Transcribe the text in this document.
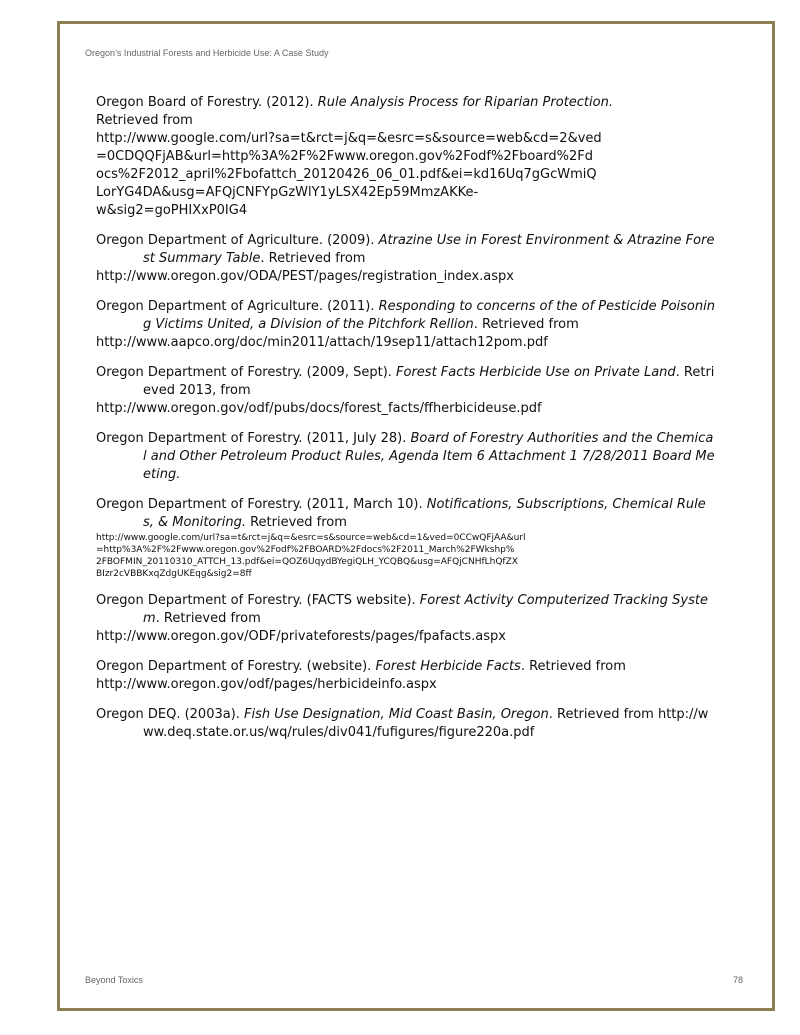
Oregon’s Industrial Forests and Herbicide Use: A Case Study

Oregon Board of Forestry. (2012). Rule Analysis Process for Riparian Protection.
Retrieved from
http://www.google.com/url?sa=t&rct=j&q=&esrc=s&source=web&cd=2&ved
=0CDQQFjAB&url=http%3A%2F%2Fwww.oregon.gov%2Fodf%2Fboard%2Fd
ocs%2F2012_april%2Fbofattch_20120426_06_01.pdf&ei=kd16Uq7gGcWmiQ
LorYG4DA&usg=AFQjCNFYpGzWlY1yLSX42Ep59MmzAKKe-
w&sig2=goPHIXxP0IG4

Oregon Department of Agriculture. (2009). Atrazine Use in Forest Environment & Atrazine Forest Summary Table. Retrieved from
http://www.oregon.gov/ODA/PEST/pages/registration_index.aspx

Oregon Department of Agriculture. (2011). Responding to concerns of the of Pesticide Poisoning Victims United, a Division of the Pitchfork Rellion. Retrieved from
http://www.aapco.org/doc/min2011/attach/19sep11/attach12pom.pdf

Oregon Department of Forestry. (2009, Sept). Forest Facts Herbicide Use on Private Land. Retrieved 2013, from
http://www.oregon.gov/odf/pubs/docs/forest_facts/ffherbicideuse.pdf

Oregon Department of Forestry. (2011, July 28). Board of Forestry Authorities and the Chemical and Other Petroleum Product Rules, Agenda Item 6 Attachment 1 7/28/2011 Board Meeting.

Oregon Department of Forestry. (2011, March 10). Notifications, Subscriptions, Chemical Rules, & Monitoring. Retrieved from
http://www.google.com/url?sa=t&rct=j&q=&esrc=s&source=web&cd=1&ved=0CCwQFjAA&url
=http%3A%2F%2Fwww.oregon.gov%2Fodf%2FBOARD%2Fdocs%2F2011_March%2FWkshp%
2FBOFMIN_20110310_ATTCH_13.pdf&ei=QOZ6UqydBYegiQLH_YCQBQ&usg=AFQjCNHfLhQfZX
BIzr2cVBBKxqZdgUKEqg&sig2=8ff

Oregon Department of Forestry. (FACTS website). Forest Activity Computerized Tracking System. Retrieved from
http://www.oregon.gov/ODF/privateforests/pages/fpafacts.aspx

Oregon Department of Forestry. (website). Forest Herbicide Facts. Retrieved from
http://www.oregon.gov/odf/pages/herbicideinfo.aspx

Oregon DEQ. (2003a). Fish Use Designation, Mid Coast Basin, Oregon. Retrieved from http://www.deq.state.or.us/wq/rules/div041/fufigures/figure220a.pdf

Beyond Toxics	78
